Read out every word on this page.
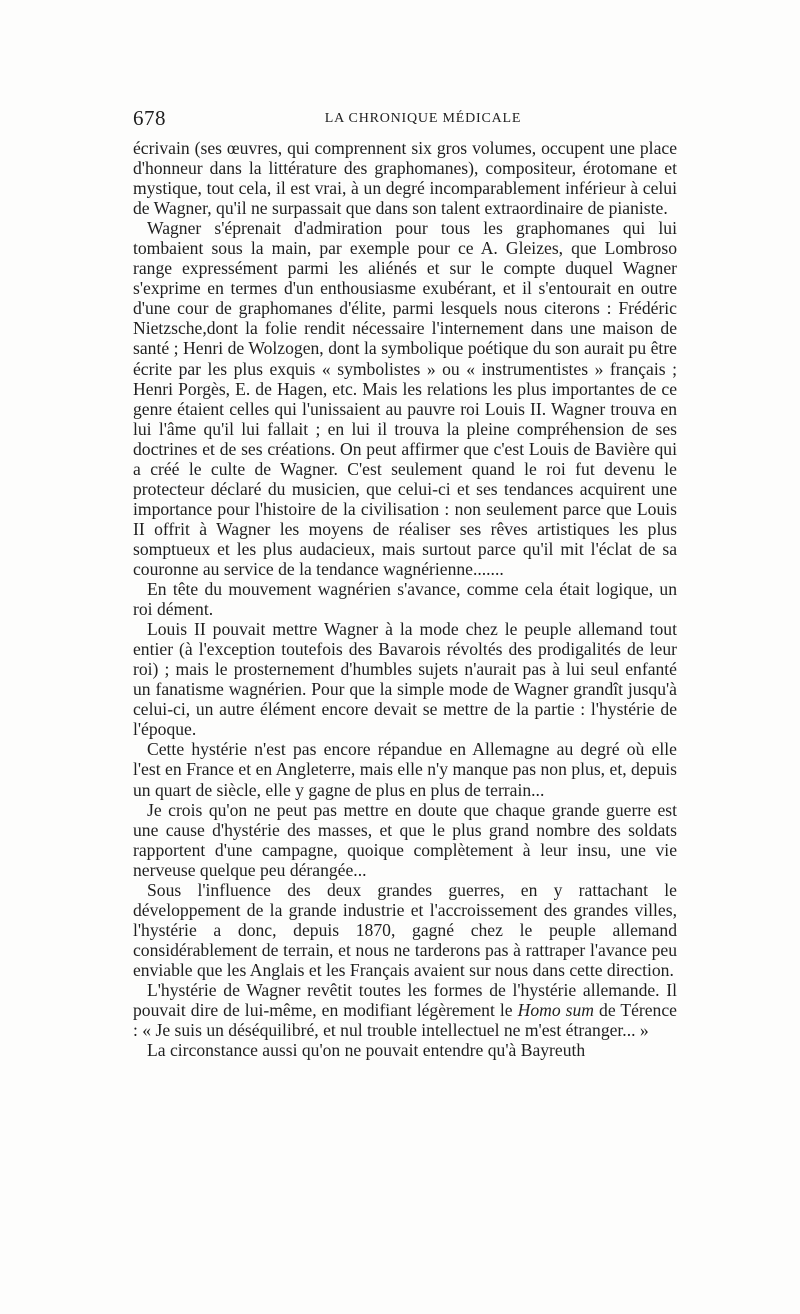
678	LA CHRONIQUE MÉDICALE

écrivain (ses œuvres, qui comprennent six gros volumes, occupent une place d'honneur dans la littérature des graphomanes), compositeur, érotomane et mystique, tout cela, il est vrai, à un degré incomparablement inférieur à celui de Wagner, qu'il ne surpassait que dans son talent extraordinaire de pianiste.

Wagner s'éprenait d'admiration pour tous les graphomanes qui lui tombaient sous la main, par exemple pour ce A. Gleizes, que Lombroso range expressément parmi les aliénés et sur le compte duquel Wagner s'exprime en termes d'un enthousiasme exubérant, et il s'entourait en outre d'une cour de graphomanes d'élite, parmi lesquels nous citerons : Frédéric Nietzsche,dont la folie rendit nécessaire l'internement dans une maison de santé ; Henri de Wolzogen, dont la symbolique poétique du son aurait pu être écrite par les plus exquis « symbolistes » ou « instrumentistes » français ; Henri Porgès, E. de Hagen, etc. Mais les relations les plus importantes de ce genre étaient celles qui l'unissaient au pauvre roi Louis II. Wagner trouva en lui l'âme qu'il lui fallait ; en lui il trouva la pleine compréhension de ses doctrines et de ses créations. On peut affirmer que c'est Louis de Bavière qui a créé le culte de Wagner. C'est seulement quand le roi fut devenu le protecteur déclaré du musicien, que celui-ci et ses tendances acquirent une importance pour l'histoire de la civilisation : non seulement parce que Louis II offrit à Wagner les moyens de réaliser ses rêves artistiques les plus somptueux et les plus audacieux, mais surtout parce qu'il mit l'éclat de sa couronne au service de la tendance wagnérienne.......

En tête du mouvement wagnérien s'avance, comme cela était logique, un roi dément.

Louis II pouvait mettre Wagner à la mode chez le peuple allemand tout entier (à l'exception toutefois des Bavarois révoltés des prodigalités de leur roi) ; mais le prosternement d'humbles sujets n'aurait pas à lui seul enfanté un fanatisme wagnérien. Pour que la simple mode de Wagner grandît jusqu'à celui-ci, un autre élément encore devait se mettre de la partie : l'hystérie de l'époque.

Cette hystérie n'est pas encore répandue en Allemagne au degré où elle l'est en France et en Angleterre, mais elle n'y manque pas non plus, et, depuis un quart de siècle, elle y gagne de plus en plus de terrain...

Je crois qu'on ne peut pas mettre en doute que chaque grande guerre est une cause d'hystérie des masses, et que le plus grand nombre des soldats rapportent d'une campagne, quoique complètement à leur insu, une vie nerveuse quelque peu dérangée...

Sous l'influence des deux grandes guerres, en y rattachant le développement de la grande industrie et l'accroissement des grandes villes, l'hystérie a donc, depuis 1870, gagné chez le peuple allemand considérablement de terrain, et nous ne tarderons pas à rattraper l'avance peu enviable que les Anglais et les Français avaient sur nous dans cette direction.

L'hystérie de Wagner revêtit toutes les formes de l'hystérie allemande. Il pouvait dire de lui-même, en modifiant légèrement le Homo sum de Térence : « Je suis un déséquilibré, et nul trouble intellectuel ne m'est étranger... »

La circonstance aussi qu'on ne pouvait entendre qu'à Bayreuth
